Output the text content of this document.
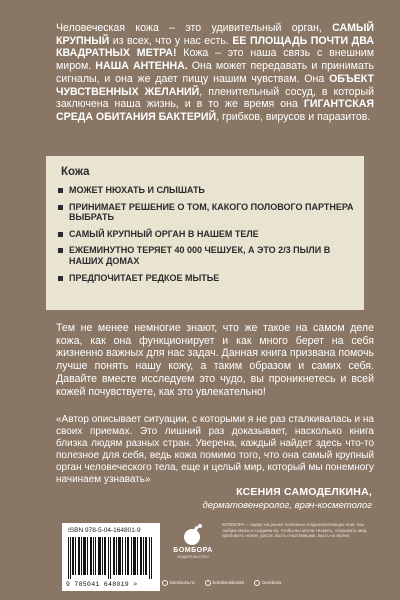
Человеческая кожа – это удивительный орган, САМЫЙ КРУПНЫЙ из всех, что у нас есть. ЕЕ ПЛОЩАДЬ ПОЧТИ ДВА КВАДРАТНЫХ МЕТРА! Кожа – это наша связь с внешним миром. НАША АНТЕННА. Она может передавать и принимать сигналы, и она же дает пищу нашим чувствам. Она ОБЪЕКТ ЧУВСТВЕННЫХ ЖЕЛАНИЙ, пленительный сосуд, в который заключена наша жизнь, и в то же время она ГИГАНТСКАЯ СРЕДА ОБИТАНИЯ БАКТЕРИЙ, грибков, вирусов и паразитов.
Кожа
МОЖЕТ НЮХАТЬ И СЛЫШАТЬ
ПРИНИМАЕТ РЕШЕНИЕ О ТОМ, КАКОГО ПОЛОВОГО ПАРТНЕРА ВЫБРАТЬ
САМЫЙ КРУПНЫЙ ОРГАН В НАШЕМ ТЕЛЕ
ЕЖЕМИНУТНО ТЕРЯЕТ 40 000 ЧЕШУЕК, А ЭТО 2/3 ПЫЛИ В НАШИХ ДОМАХ
ПРЕДПОЧИТАЕТ РЕДКОЕ МЫТЬЕ
Тем не менее немногие знают, что же такое на самом деле кожа, как она функционирует и как много берет на себя жизненно важных для нас задач. Данная книга призвана помочь лучше понять нашу кожу, а таким образом и самих себя. Давайте вместе исследуем это чудо, вы проникнетесь и всей кожей почувствуете, как это увлекательно!
«Автор описывает ситуации, с которыми я не раз сталкивалась и на своих приемах. Это лишний раз доказывает, насколько книга близка людям разных стран. Уверена, каждый найдет здесь что-то полезное для себя, ведь кожа помимо того, что она самый крупный орган человеческого тела, еще и целый мир, который мы понемногу начинаем узнавать»
КСЕНИЯ САМОДЕЛКИНА,
дерматовенеролог, врач-косметолог
ISBN 978-5-04-164801-9
9 785041 648019 >
БОМБОРА
ИЗДАТЕЛЬСТВО
БОМБОРА – лидер на рынке полезных и вдохновляющих книг. Мы любим книги и создаем их, чтобы вы могли творить, открывать мир, пробовать новое, расти. Быть счастливыми. Быть на волне.
bombora.ru	bomborabooks	bombora
